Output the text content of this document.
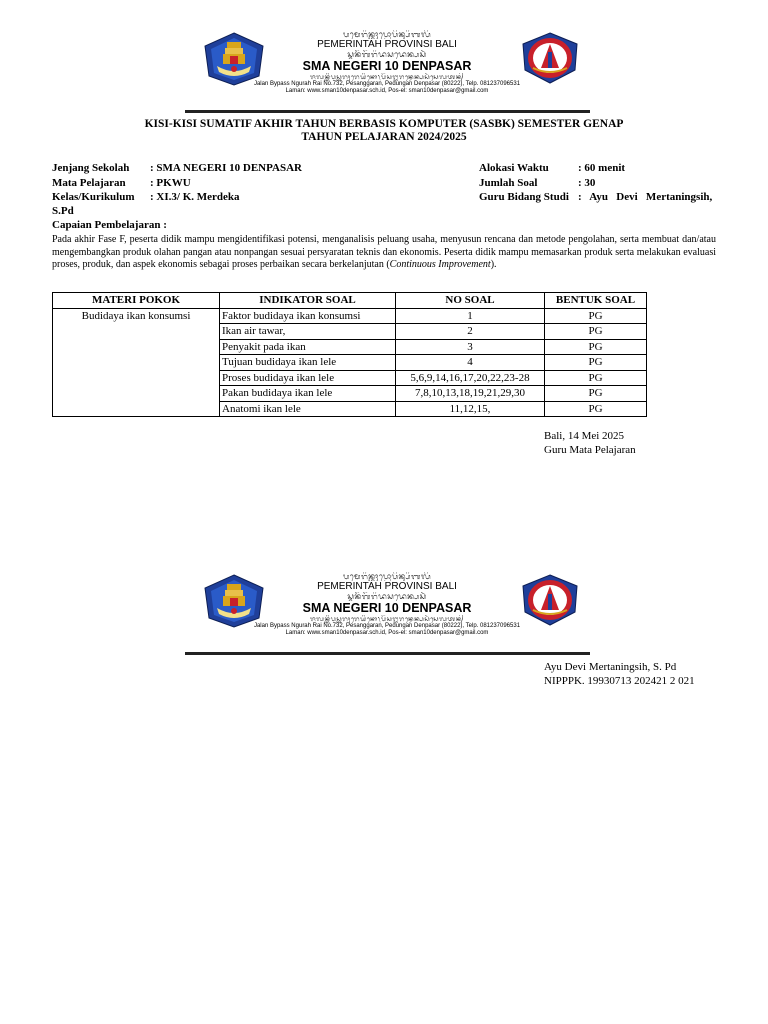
ᬧᬫᬾᬭᬶᬦ᭄ᬢᬄᬧ᭄ᬭᭀᬧᬶᬦ᭄ᬲᬶᬩᬮᬶ
PEMERINTAH PROVINSI BALI
ᬲ᭄ᬫᬦᭂᬕᭂᬭᬶᬤᬲᬤᬾᬦ᭄ᬧᬲᬃ
SMA NEGERI 10 DENPASAR
ᬚᬮᬦ᭄ᬩᬶᬧᬲ᭄ᬗᬸᬭᬄᬭᬾᬬᬶᬦᭀ᭞ᬧᭂᬲᬗ᭄ᬕᬭᬦ᭄ᬤᬾᬦ᭄ᬧᬲᬃᬲᬾᬮᬢᬦ᭄
Jalan Bypass Ngurah Rai No.732, Pesanggaran, Pedungan Denpasar (80222), Telp. 081237096531
Laman: www.sman10denpasar.sch.id, Pos-el: sman10denpasar@gmail.com
KISI-KISI SUMATIF AKHIR TAHUN BERBASIS KOMPUTER (SASBK) SEMESTER GENAP
TAHUN PELAJARAN 2024/2025
Jenjang Sekolah : SMA NEGERI 10 DENPASAR
Mata Pelajaran : PKWU
Kelas/Kurikulum : XI.3/ K. Merdeka
S.Pd
Alokasi Waktu	: 60 menit
Jumlah Soal	: 30
Guru Bidang Studi :   Ayu   Devi   Mertaningsih,
Capaian Pembelajaran :
Pada akhir Fase F, peserta didik mampu mengidentifikasi potensi, menganalisis peluang usaha, menyusun rencana dan metode pengolahan, serta membuat dan/atau mengembangkan produk olahan pangan atau nonpangan sesuai persyaratan teknis dan ekonomis. Peserta didik mampu memasarkan produk serta melakukan evaluasi proses, produk, dan aspek ekonomis sebagai proses perbaikan secara berkelanjutan (Continuous Improvement).
MATERI POKOK	INDIKATOR SOAL	NO SOAL	BENTUK SOAL
Budidaya ikan konsumsi	Faktor budidaya ikan konsumsi	1	PG
	Ikan air tawar,	2	PG
	Penyakit pada ikan	3	PG
	Tujuan budidaya ikan lele	4	PG
	Proses budidaya ikan lele	5,6,9,14,16,17,20,22,23-28	PG
	Pakan budidaya ikan lele	7,8,10,13,18,19,21,29,30	PG
	Anatomi ikan lele	11,12,15,	PG
Bali, 14 Mei 2025
Guru Mata Pelajaran
ᬧᬫᬾᬭᬶᬦ᭄ᬢᬄᬧ᭄ᬭᭀᬧᬶᬦ᭄ᬲᬶᬩᬮᬶ
PEMERINTAH PROVINSI BALI
ᬲ᭄ᬫᬦᭂᬕᭂᬭᬶᬤᬲᬤᬾᬦ᭄ᬧᬲᬃ
SMA NEGERI 10 DENPASAR
ᬚᬮᬦ᭄ᬩᬶᬧᬲ᭄ᬗᬸᬭᬄᬭᬾᬬᬶᬦᭀ᭞ᬧᭂᬲᬗ᭄ᬕᬭᬦ᭄ᬤᬾᬦ᭄ᬧᬲᬃᬲᬾᬮᬢᬦ᭄
Jalan Bypass Ngurah Rai No.732, Pesanggaran, Pedungan Denpasar (80222), Telp. 081237096531
Laman: www.sman10denpasar.sch.id, Pos-el: sman10denpasar@gmail.com
Ayu Devi Mertaningsih, S. Pd
NIPPPK. 19930713 202421 2 021
